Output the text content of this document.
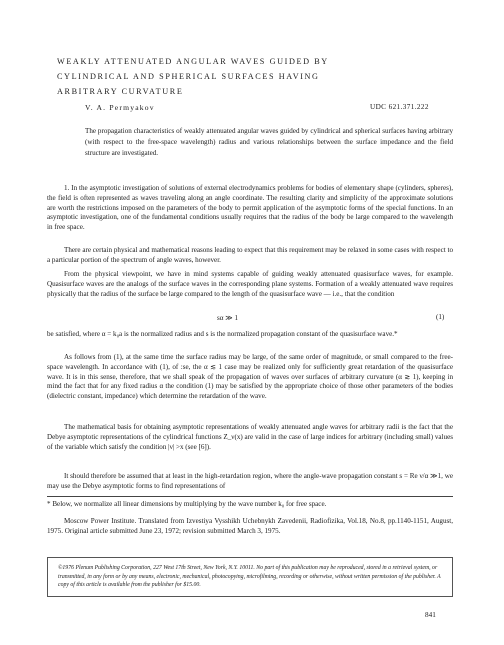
WEAKLY ATTENUATED ANGULAR WAVES GUIDED BY
CYLINDRICAL AND SPHERICAL SURFACES HAVING
ARBITRARY CURVATURE
V. A. Permyakov	UDC 621.371.222
The propagation characteristics of weakly attenuated angular waves guided by cylindrical and spherical surfaces having arbitrary (with respect to the free-space wavelength) radius and various relationships between the surface impedance and the field structure are investigated.
1. In the asymptotic investigation of solutions of external electrodynamics problems for bodies of elementary shape (cylinders, spheres), the field is often represented as waves traveling along an angle coordinate. The resulting clarity and simplicity of the approximate solutions are worth the restrictions imposed on the parameters of the body to permit application of the asymptotic forms of the special functions. In an asymptotic investigation, one of the fundamental conditions usually requires that the radius of the body be large compared to the wavelength in free space.
There are certain physical and mathematical reasons leading to expect that this requirement may be relaxed in some cases with respect to a particular portion of the spectrum of angle waves, however.
From the physical viewpoint, we have in mind systems capable of guiding weakly attenuated quasisurface waves, for example. Quasisurface waves are the analogs of the surface waves in the corresponding plane systems. Formation of a weakly attenuated wave requires physically that the radius of the surface be large compared to the length of the quasisurface wave — i.e., that the condition
sα ≫ 1	(1)
be satisfied, where α = k₀a is the normalized radius and s is the normalized propagation constant of the quasisurface wave.*
As follows from (1), at the same time the surface radius may be large, of the same order of magnitude, or small compared to the free-space wavelength. In accordance with (1), of :se, the α ≲ 1 case may be realized only for sufficiently great retardation of the quasisurface wave. It is in this sense, therefore, that we shall speak of the propagation of waves over surfaces of arbitrary curvature (α ≳ 1), keeping in mind the fact that for any fixed radius α the condition (1) may be satisfied by the appropriate choice of those other parameters of the bodies (dielectric constant, impedance) which determine the retardation of the wave.
The mathematical basis for obtaining asymptotic representations of weakly attenuated angle waves for arbitrary radii is the fact that the Debye asymptotic representations of the cylindrical functions Z_ν(x) are valid in the case of large indices for arbitrary (including small) values of the variable which satisfy the condition |ν| >x (see [6]).
It should therefore be assumed that at least in the high-retardation region, where the angle-wave propagation constant s = Re ν/α ≫1, we may use the Debye asymptotic forms to find representations of
* Below, we normalize all linear dimensions by multiplying by the wave number k₀ for free space.
Moscow Power Institute. Translated from Izvestiya Vysshikh Uchebnykh Zavedenii, Radiofizika, Vol.18, No.8, pp.1140-1151, August, 1975. Original article submitted June 23, 1972; revision submitted March 3, 1975.
©1976 Plenum Publishing Corporation, 227 West 17th Street, New York, N.Y. 10011. No part of this publication may be reproduced, stored in a retrieval system, or transmitted, in any form or by any means, electronic, mechanical, photocopying, microfilming, recording or otherwise, without written permission of the publisher. A copy of this article is available from the publisher for $15.00.
841
